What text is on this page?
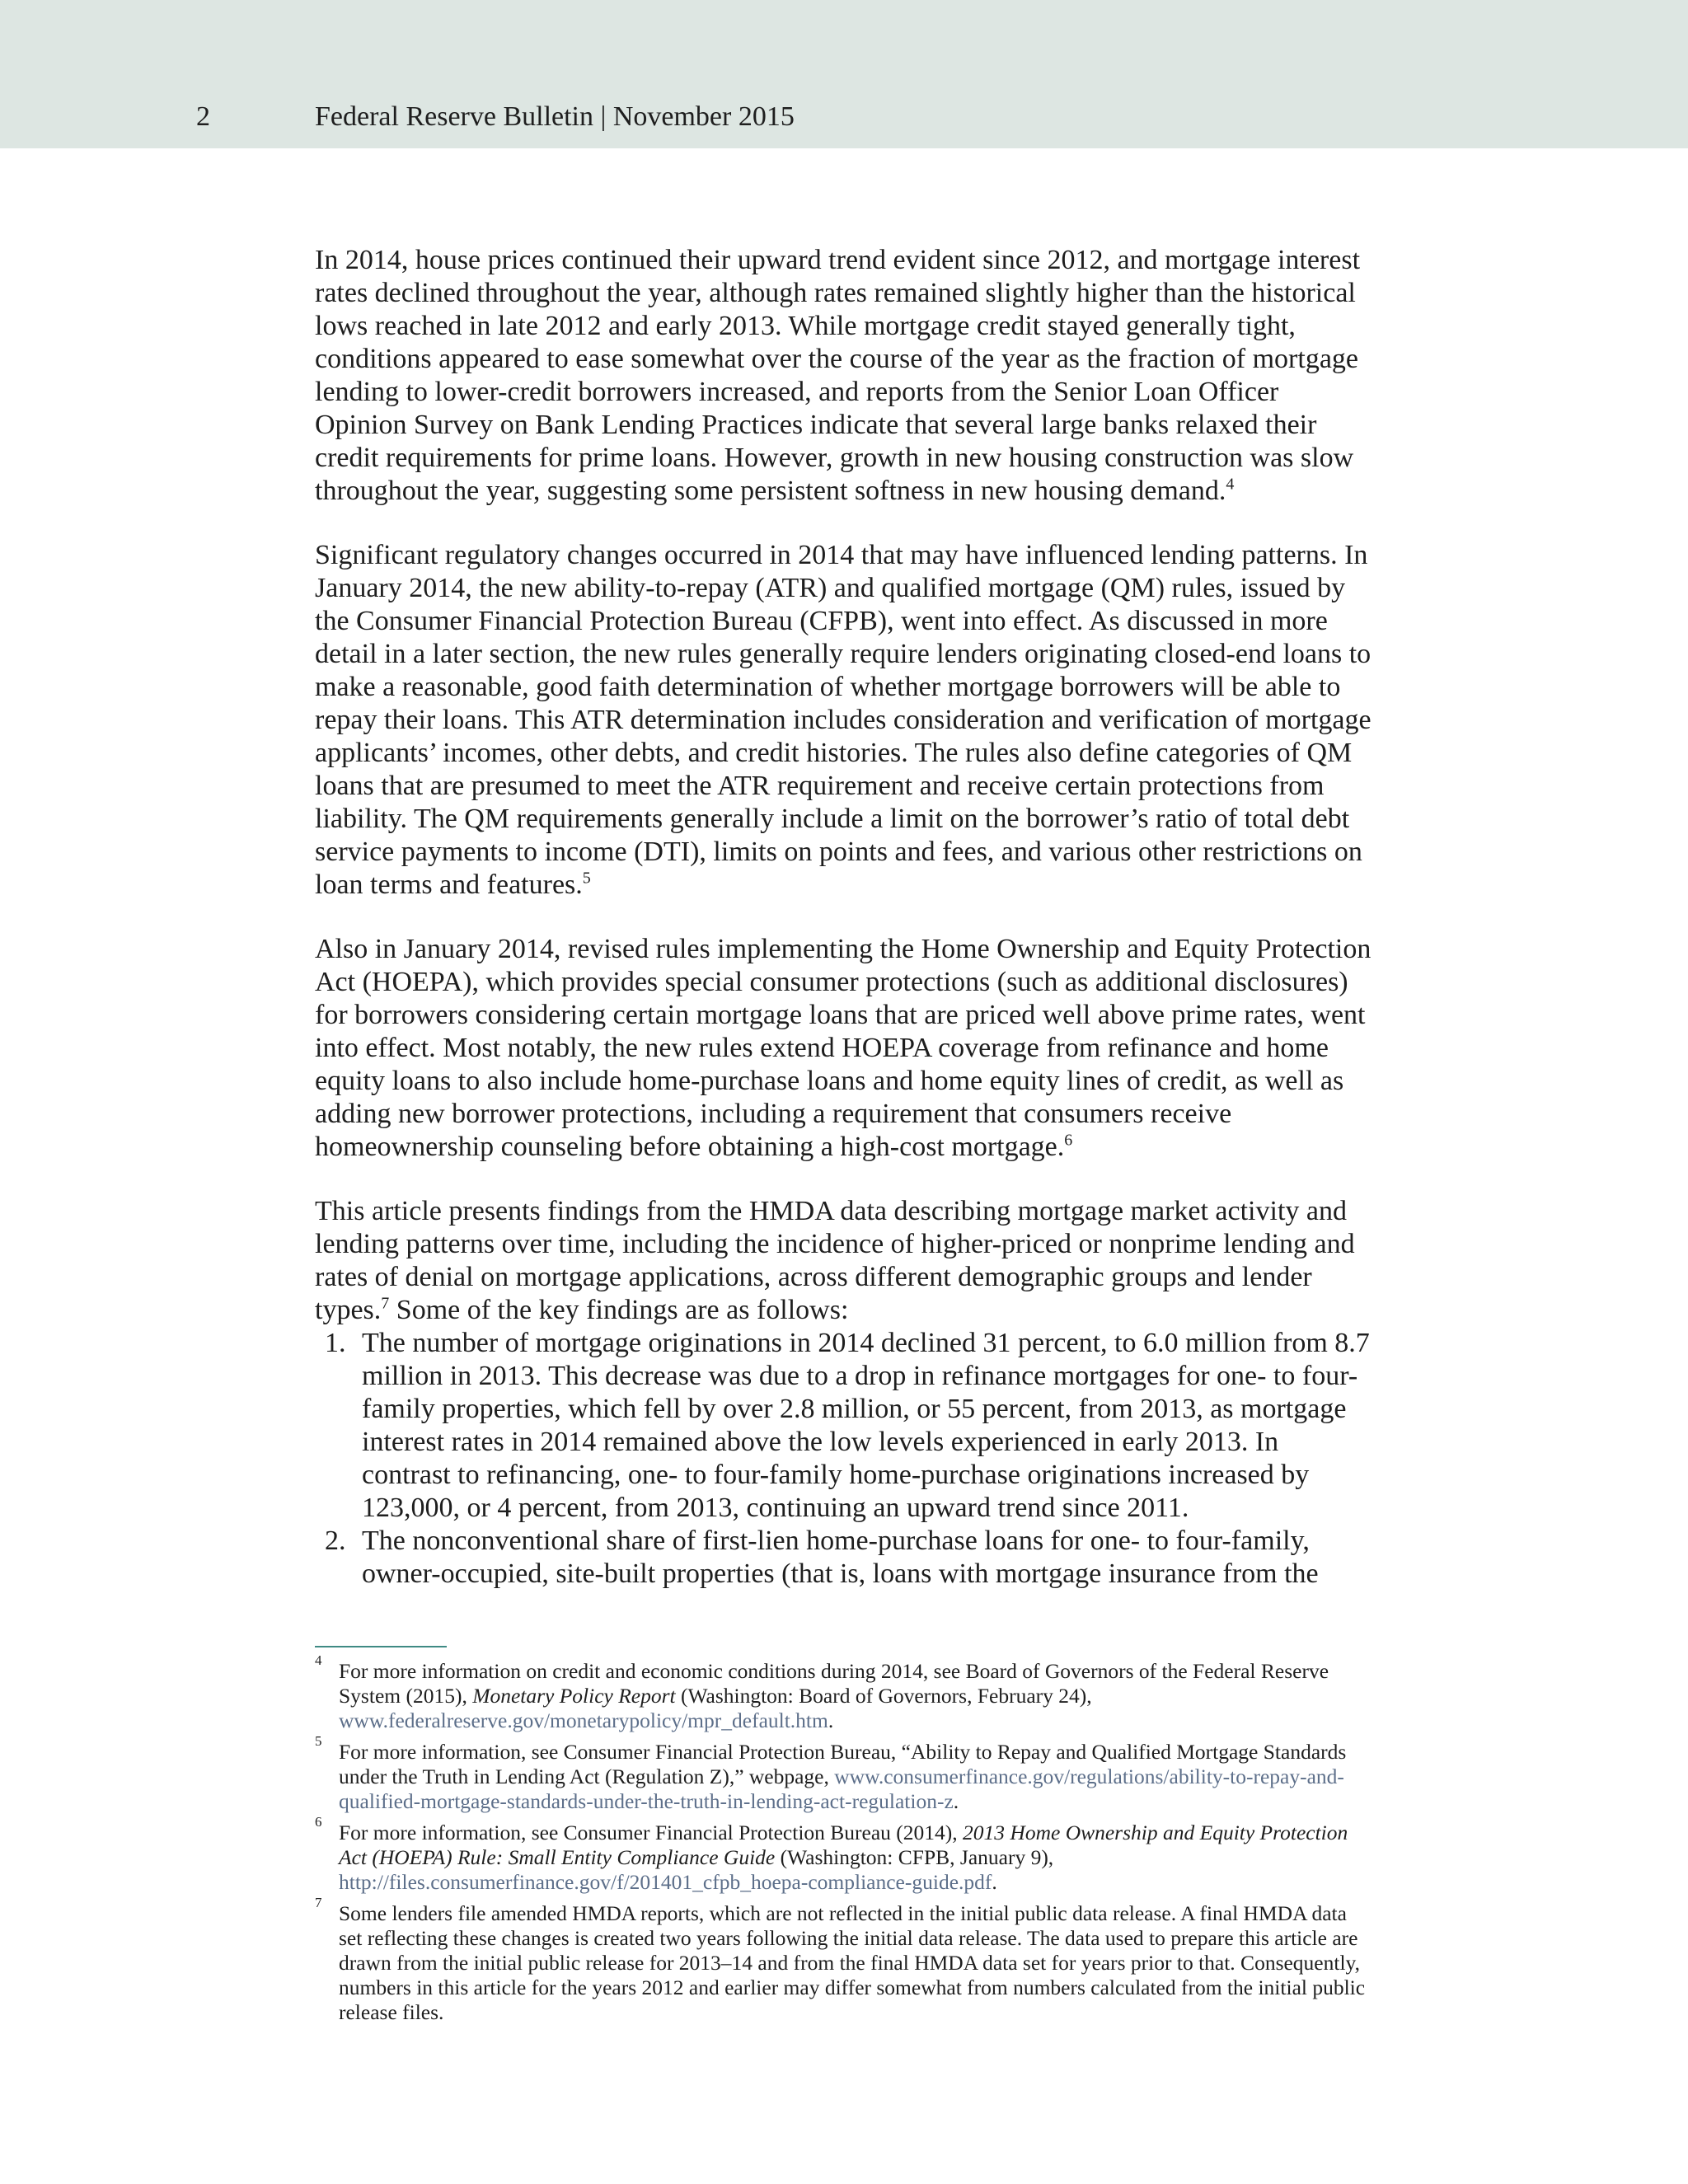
2	Federal Reserve Bulletin | November 2015

In 2014, house prices continued their upward trend evident since 2012, and mortgage interest rates declined throughout the year, although rates remained slightly higher than the historical lows reached in late 2012 and early 2013. While mortgage credit stayed generally tight, conditions appeared to ease somewhat over the course of the year as the fraction of mortgage lending to lower-credit borrowers increased, and reports from the Senior Loan Officer Opinion Survey on Bank Lending Practices indicate that several large banks relaxed their credit requirements for prime loans. However, growth in new housing construction was slow throughout the year, suggesting some persistent softness in new housing demand.$^4$

Significant regulatory changes occurred in 2014 that may have influenced lending patterns. In January 2014, the new ability-to-repay (ATR) and qualified mortgage (QM) rules, issued by the Consumer Financial Protection Bureau (CFPB), went into effect. As discussed in more detail in a later section, the new rules generally require lenders originating closed-end loans to make a reasonable, good faith determination of whether mortgage borrowers will be able to repay their loans. This ATR determination includes consideration and verification of mortgage applicants’ incomes, other debts, and credit histories. The rules also define categories of QM loans that are presumed to meet the ATR requirement and receive certain protections from liability. The QM requirements generally include a limit on the borrower’s ratio of total debt service payments to income (DTI), limits on points and fees, and various other restrictions on loan terms and features.$^5$

Also in January 2014, revised rules implementing the Home Ownership and Equity Protection Act (HOEPA), which provides special consumer protections (such as additional disclosures) for borrowers considering certain mortgage loans that are priced well above prime rates, went into effect. Most notably, the new rules extend HOEPA coverage from refinance and home equity loans to also include home-purchase loans and home equity lines of credit, as well as adding new borrower protections, including a requirement that consumers receive homeownership counseling before obtaining a high-cost mortgage.$^6$

This article presents findings from the HMDA data describing mortgage market activity and lending patterns over time, including the incidence of higher-priced or nonprime lending and rates of denial on mortgage applications, across different demographic groups and lender types.$^7$ Some of the key findings are as follows:

1. The number of mortgage originations in 2014 declined 31 percent, to 6.0 million from 8.7 million in 2013. This decrease was due to a drop in refinance mortgages for one- to four-family properties, which fell by over 2.8 million, or 55 percent, from 2013, as mortgage interest rates in 2014 remained above the low levels experienced in early 2013. In contrast to refinancing, one- to four-family home-purchase originations increased by 123,000, or 4 percent, from 2013, continuing an upward trend since 2011.
2. The nonconventional share of first-lien home-purchase loans for one- to four-family, owner-occupied, site-built properties (that is, loans with mortgage insurance from the
4 For more information on credit and economic conditions during 2014, see Board of Governors of the Federal Reserve System (2015), Monetary Policy Report (Washington: Board of Governors, February 24), www.federalreserve.gov/monetarypolicy/mpr_default.htm.
5 For more information, see Consumer Financial Protection Bureau, “Ability to Repay and Qualified Mortgage Standards under the Truth in Lending Act (Regulation Z),” webpage, www.consumerfinance.gov/regulations/ability-to-repay-and-qualified-mortgage-standards-under-the-truth-in-lending-act-regulation-z.
6 For more information, see Consumer Financial Protection Bureau (2014), 2013 Home Ownership and Equity Protection Act (HOEPA) Rule: Small Entity Compliance Guide (Washington: CFPB, January 9), http://files.consumerfinance.gov/f/201401_cfpb_hoepa-compliance-guide.pdf.
7 Some lenders file amended HMDA reports, which are not reflected in the initial public data release. A final HMDA data set reflecting these changes is created two years following the initial data release. The data used to prepare this article are drawn from the initial public release for 2013–14 and from the final HMDA data set for years prior to that. Consequently, numbers in this article for the years 2012 and earlier may differ somewhat from numbers calculated from the initial public release files.
